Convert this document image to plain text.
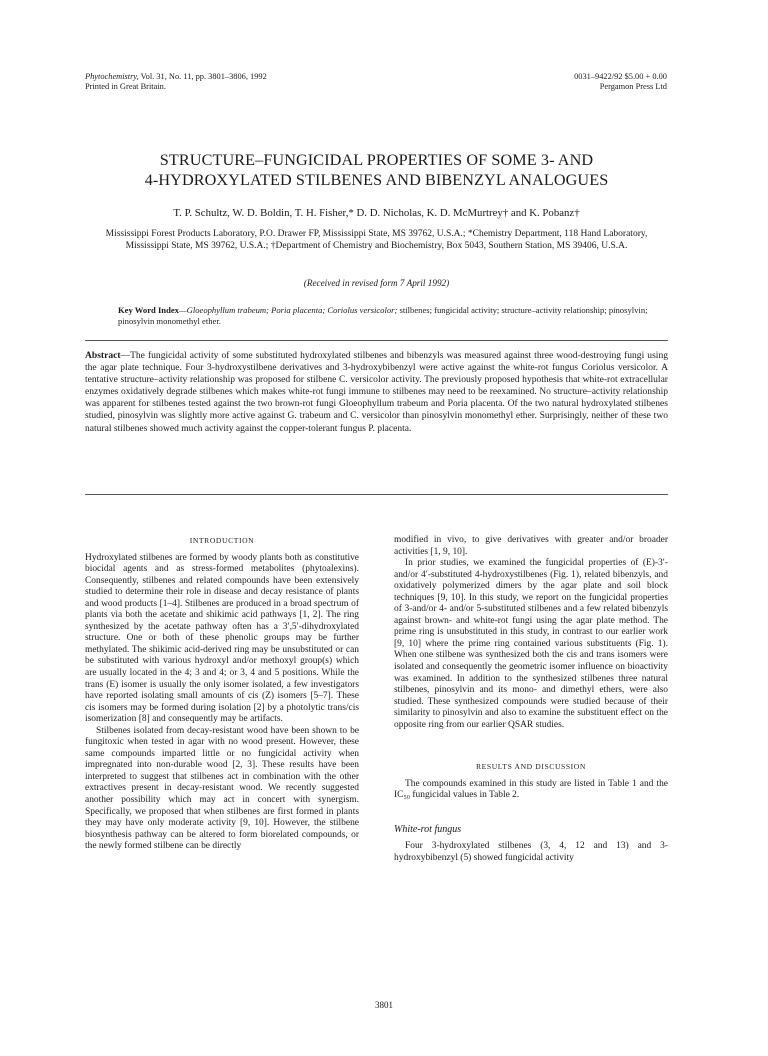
Phytochemistry, Vol. 31, No. 11, pp. 3801–3806, 1992
Printed in Great Britain.
0031–9422/92 $5.00 + 0.00
Pergamon Press Ltd
STRUCTURE–FUNGICIDAL PROPERTIES OF SOME 3- AND
4-HYDROXYLATED STILBENES AND BIBENZYL ANALOGUES
T. P. Schultz, W. D. Boldin, T. H. Fisher,* D. D. Nicholas, K. D. McMurtrey† and K. Pobanz†
Mississippi Forest Products Laboratory, P.O. Drawer FP, Mississippi State, MS 39762, U.S.A.; *Chemistry Department, 118 Hand Laboratory, Mississippi State, MS 39762, U.S.A.; †Department of Chemistry and Biochemistry, Box 5043, Southern Station, MS 39406, U.S.A.
(Received in revised form 7 April 1992)
Key Word Index—Gloeophyllum trabeum; Poria placenta; Coriolus versicolor; stilbenes; fungicidal activity; structure–activity relationship; pinosylvin; pinosylvin monomethyl ether.
Abstract—The fungicidal activity of some substituted hydroxylated stilbenes and bibenzyls was measured against three wood-destroying fungi using the agar plate technique. Four 3-hydroxystilbene derivatives and 3-hydroxybibenzyl were active against the white-rot fungus Coriolus versicolor. A tentative structure–activity relationship was proposed for stilbene C. versicolor activity. The previously proposed hypothesis that white-rot extracellular enzymes oxidatively degrade stilbenes which makes white-rot fungi immune to stilbenes may need to be reexamined. No structure–activity relationship was apparent for stilbenes tested against the two brown-rot fungi Gloeophyllum trabeum and Poria placenta. Of the two natural hydroxylated stilbenes studied, pinosylvin was slightly more active against G. trabeum and C. versicolor than pinosylvin monomethyl ether. Surprisingly, neither of these two natural stilbenes showed much activity against the copper-tolerant fungus P. placenta.
INTRODUCTION

Hydroxylated stilbenes are formed by woody plants both as constitutive biocidal agents and as stress-formed metabolites (phytoalexins). Consequently, stilbenes and related compounds have been extensively studied to determine their role in disease and decay resistance of plants and wood products [1–4]. Stilbenes are produced in a broad spectrum of plants via both the acetate and shikimic acid pathways [1, 2]. The ring synthesized by the acetate pathway often has a 3′,5′-dihydroxylated structure. One or both of these phenolic groups may be further methylated. The shikimic acid-derived ring may be unsubstituted or can be substituted with various hydroxyl and/or methoxyl group(s) which are usually located in the 4; 3 and 4; or 3, 4 and 5 positions. While the trans (E) isomer is usually the only isomer isolated, a few investigators have reported isolating small amounts of cis (Z) isomers [5–7]. These cis isomers may be formed during isolation [2] by a photolytic trans/cis isomerization [8] and consequently may be artifacts.

Stilbenes isolated from decay-resistant wood have been shown to be fungitoxic when tested in agar with no wood present. However, these same compounds imparted little or no fungicidal activity when impregnated into non-durable wood [2, 3]. These results have been interpreted to suggest that stilbenes act in combination with the other extractives present in decay-resistant wood. We recently suggested another possibility which may act in concert with synergism. Specifically, we proposed that when stilbenes are first formed in plants they may have only moderate activity [9, 10]. However, the stilbene biosynthesis pathway can be altered to form biorelated compounds, or the newly formed stilbene can be directly

modified in vivo, to give derivatives with greater and/or broader activities [1, 9, 10].

In prior studies, we examined the fungicidal properties of (E)-3′- and/or 4′-substituted 4-hydroxystilbenes (Fig. 1), related bibenzyls, and oxidatively polymerized dimers by the agar plate and soil block techniques [9, 10]. In this study, we report on the fungicidal properties of 3-and/or 4- and/or 5-substituted stilbenes and a few related bibenzyls against brown- and white-rot fungi using the agar plate method. The prime ring is unsubstituted in this study, in contrast to our earlier work [9, 10] where the prime ring contained various substituents (Fig. 1). When one stilbene was synthesized both the cis and trans isomers were isolated and consequently the geometric isomer influence on bioactivity was examined. In addition to the synthesized stilbenes three natural stilbenes, pinosylvin and its mono- and dimethyl ethers, were also studied. These synthesized compounds were studied because of their similarity to pinosylvin and also to examine the substituent effect on the opposite ring from our earlier QSAR studies.

RESULTS AND DISCUSSION

The compounds examined in this study are listed in Table 1 and the IC₅₀ fungicidal values in Table 2.

White-rot fungus

Four 3-hydroxylated stilbenes (3, 4, 12 and 13) and 3-hydroxybibenzyl (5) showed fungicidal activity

3801
